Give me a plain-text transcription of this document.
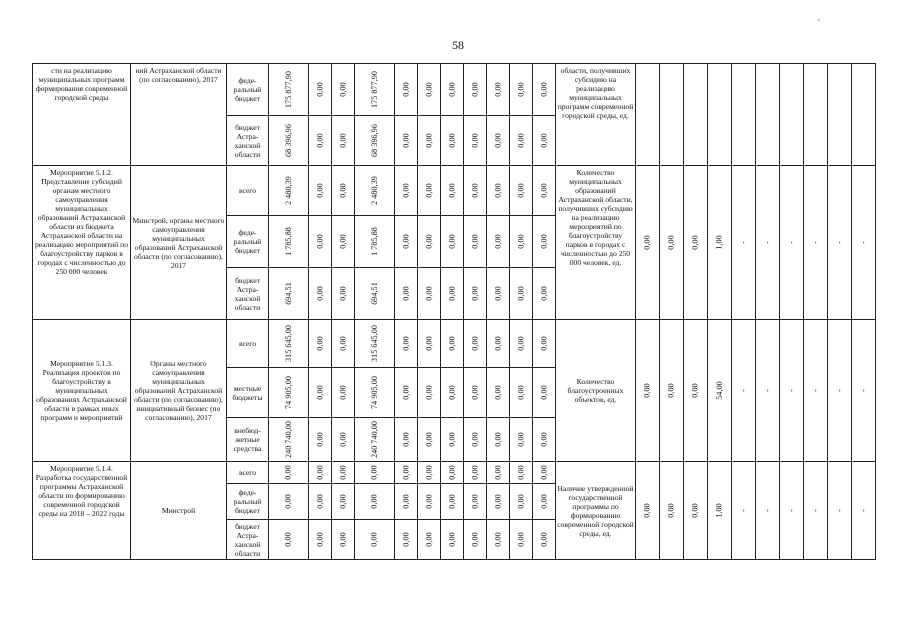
58
'
сти на реализацию муниципальных программ формирования современной городской среды	ний Астраханской области (по согласованию), 2017	феде-ральный бюджет	175 877,90	0,00	0,00	175 877,90	0,00	0,00	0,00	0,00	0,00	0,00	0,00	области, получивших субсидию на реализацию муниципальных программ современной городской среды, ед.										
		бюджет Астра-ханской области	68 396,96	0,00	0,00	68 396,96	0,00	0,00	0,00	0,00	0,00	0,00	0,00											
Мероприятие 5.1.2. Представление субсидий органам местного самоуправления муниципальных образований Астраханской области из бюджета Астраханской области на реализацию мероприятий по благоустройству парков в городах с численностью до 250 000 человек	Минстрой, органы местного самоуправления муниципальных образований Астраханской области (по согласованию), 2017	всего	2 480,39	0,00	0,00	2 480,39	0,00	0,00	0,00	0,00	0,00	0,00	0,00	Количество муниципальных образований Астраханской области, получивших субсидию на реализацию мероприятий по благоустройству парков в городах с численностью до 250 000 человек, ед.	0,00	0,00	0,00	1,00	-	-	-	-	-	-
		феде-ральный бюджет	1 785,88	0,00	0,00	1 785,88	0,00	0,00	0,00	0,00	0,00	0,00	0,00											
		бюджет Астра-ханской области	694,51	0,00	0,00	694,51	0,00	0,00	0,00	0,00	0,00	0,00	0,00											
Мероприятие 5.1.3. Реализация проектов по благоустройству в муниципальных образованиях Астраханской области в рамках иных программ и мероприятий	Органы местного самоуправления муниципальных образований Астраханской области (по согласованию), инициативный бизнес (по согласованию), 2017	всего	315 645,00	0,00	0,00	315 645,00	0,00	0,00	0,00	0,00	0,00	0,00	0,00	Количество благоустроенных объектов, ед.	0,00	0,00	0,00	54,00	-	-	-	-	-	-
		местные бюджеты	74 905,00	0,00	0,00	74 905,00	0,00	0,00	0,00	0,00	0,00	0,00	0,00											
		внебюд-жетные средства	240 740,00	0,00	0,00	240 740,00	0,00	0,00	0,00	0,00	0,00	0,00	0,00											
Мероприятие 5.1.4. Разработка государственной программы Астраханской области по формированию современной городской среды на 2018 – 2022 годы	Минстрой	всего	0,00	0,00	0,00	0,00	0,00	0,00	0,00	0,00	0,00	0,00	0,00	Наличие утвержденной государственной программы по формированию современной городской среды, ед.	0,00	0,00	0,00	1,00	-	-	-	-	-	-
		феде-ральный бюджет	0,00	0,00	0,00	0,00	0,00	0,00	0,00	0,00	0,00	0,00	0,00											
		бюджет Астра-ханской области	0,00	0,00	0,00	0,00	0,00	0,00	0,00	0,00	0,00	0,00	0,00											
